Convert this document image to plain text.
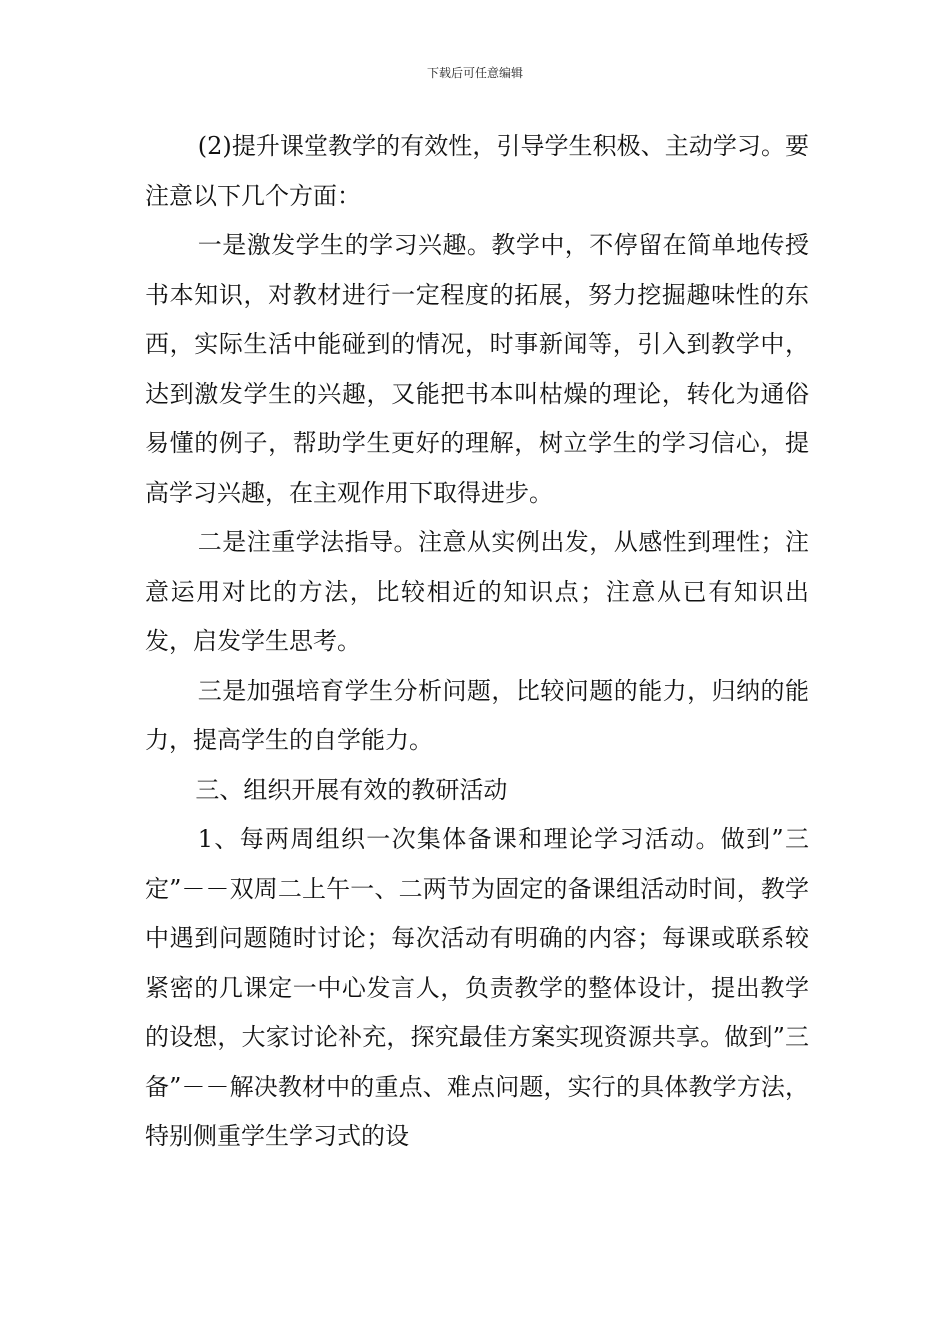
下载后可任意编辑

(2)提升课堂教学的有效性，引导学生积极、主动学习。要注意以下几个方面：

一是激发学生的学习兴趣。教学中，不停留在简单地传授书本知识，对教材进行一定程度的拓展，努力挖掘趣味性的东西，实际生活中能碰到的情况，时事新闻等，引入到教学中，达到激发学生的兴趣，又能把书本叫枯燥的理论，转化为通俗易懂的例子，帮助学生更好的理解，树立学生的学习信心，提高学习兴趣，在主观作用下取得进步。

二是注重学法指导。注意从实例出发，从感性到理性；注意运用对比的方法，比较相近的知识点；注意从已有知识出发，启发学生思考。

三是加强培育学生分析问题，比较问题的能力，归纳的能力，提高学生的自学能力。

三、组织开展有效的教研活动

1、每两周组织一次集体备课和理论学习活动。做到”三定”－－双周二上午一、二两节为固定的备课组活动时间，教学中遇到问题随时讨论；每次活动有明确的内容；每课或联系较紧密的几课定一中心发言人，负责教学的整体设计，提出教学的设想，大家讨论补充，探究最佳方案实现资源共享。做到”三备”－－解决教材中的重点、难点问题，实行的具体教学方法，特别侧重学生学习式的设
